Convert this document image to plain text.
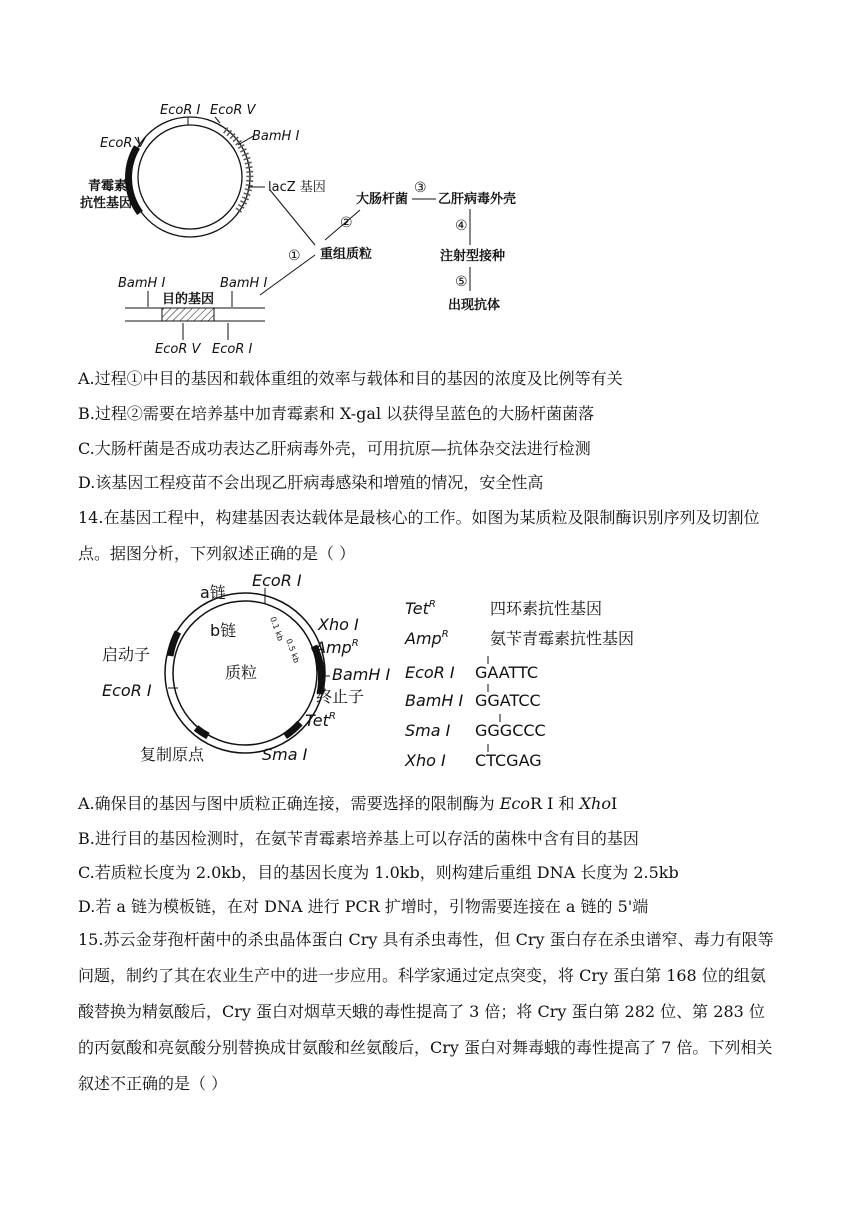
EcoR Ⅰ EcoR Ⅴ
BamH Ⅰ
EcoR Ⅴ
青霉素
抗性基因
lacZ 基因
BamH Ⅰ	BamH Ⅰ
目的基因
EcoR Ⅴ EcoR Ⅰ
① 重组质粒
②
大肠杆菌
③
乙肝病毒外壳
④
注射型接种
⑤
出现抗体
A.过程①中目的基因和载体重组的效率与载体和目的基因的浓度及比例等有关
B.过程②需要在培养基中加青霉素和 X-gal 以获得呈蓝色的大肠杆菌菌落
C.大肠杆菌是否成功表达乙肝病毒外壳，可用抗原—抗体杂交法进行检测
D.该基因工程疫苗不会出现乙肝病毒感染和增殖的情况，安全性高
14.在基因工程中，构建基因表达载体是最核心的工作。如图为某质粒及限制酶识别序列及切割位点。据图分析，下列叙述正确的是（ ）
a链
b链
启动子
质粒
EcoR Ⅰ
EcoR Ⅰ
Xho Ⅰ
Amp$^R$
BamH Ⅰ
终止子
Tet$^R$
复制原点	Sma Ⅰ
0.1 kb
0.5 kb
Tet$^R$	四环素抗性基因
Amp$^R$	氨苄青霉素抗性基因
EcoR Ⅰ GAATTC
BamH Ⅰ GGATCC
Sma Ⅰ GGGCCC
Xho Ⅰ CTCGAG
A.确保目的基因与图中质粒正确连接，需要选择的限制酶为 EcoR I 和 XhoI
B.进行目的基因检测时，在氨苄青霉素培养基上可以存活的菌株中含有目的基因
C.若质粒长度为 2.0kb，目的基因长度为 1.0kb，则构建后重组 DNA 长度为 2.5kb
D.若 a 链为模板链，在对 DNA 进行 PCR 扩增时，引物需要连接在 a 链的 5'端
15.苏云金芽孢杆菌中的杀虫晶体蛋白 Cry 具有杀虫毒性，但 Cry 蛋白存在杀虫谱窄、毒力有限等问题，制约了其在农业生产中的进一步应用。科学家通过定点突变，将 Cry 蛋白第 168 位的组氨酸替换为精氨酸后，Cry 蛋白对烟草天蛾的毒性提高了 3 倍；将 Cry 蛋白第 282 位、第 283 位的丙氨酸和亮氨酸分别替换成甘氨酸和丝氨酸后，Cry 蛋白对舞毒蛾的毒性提高了 7 倍。下列相关叙述不正确的是（ ）
